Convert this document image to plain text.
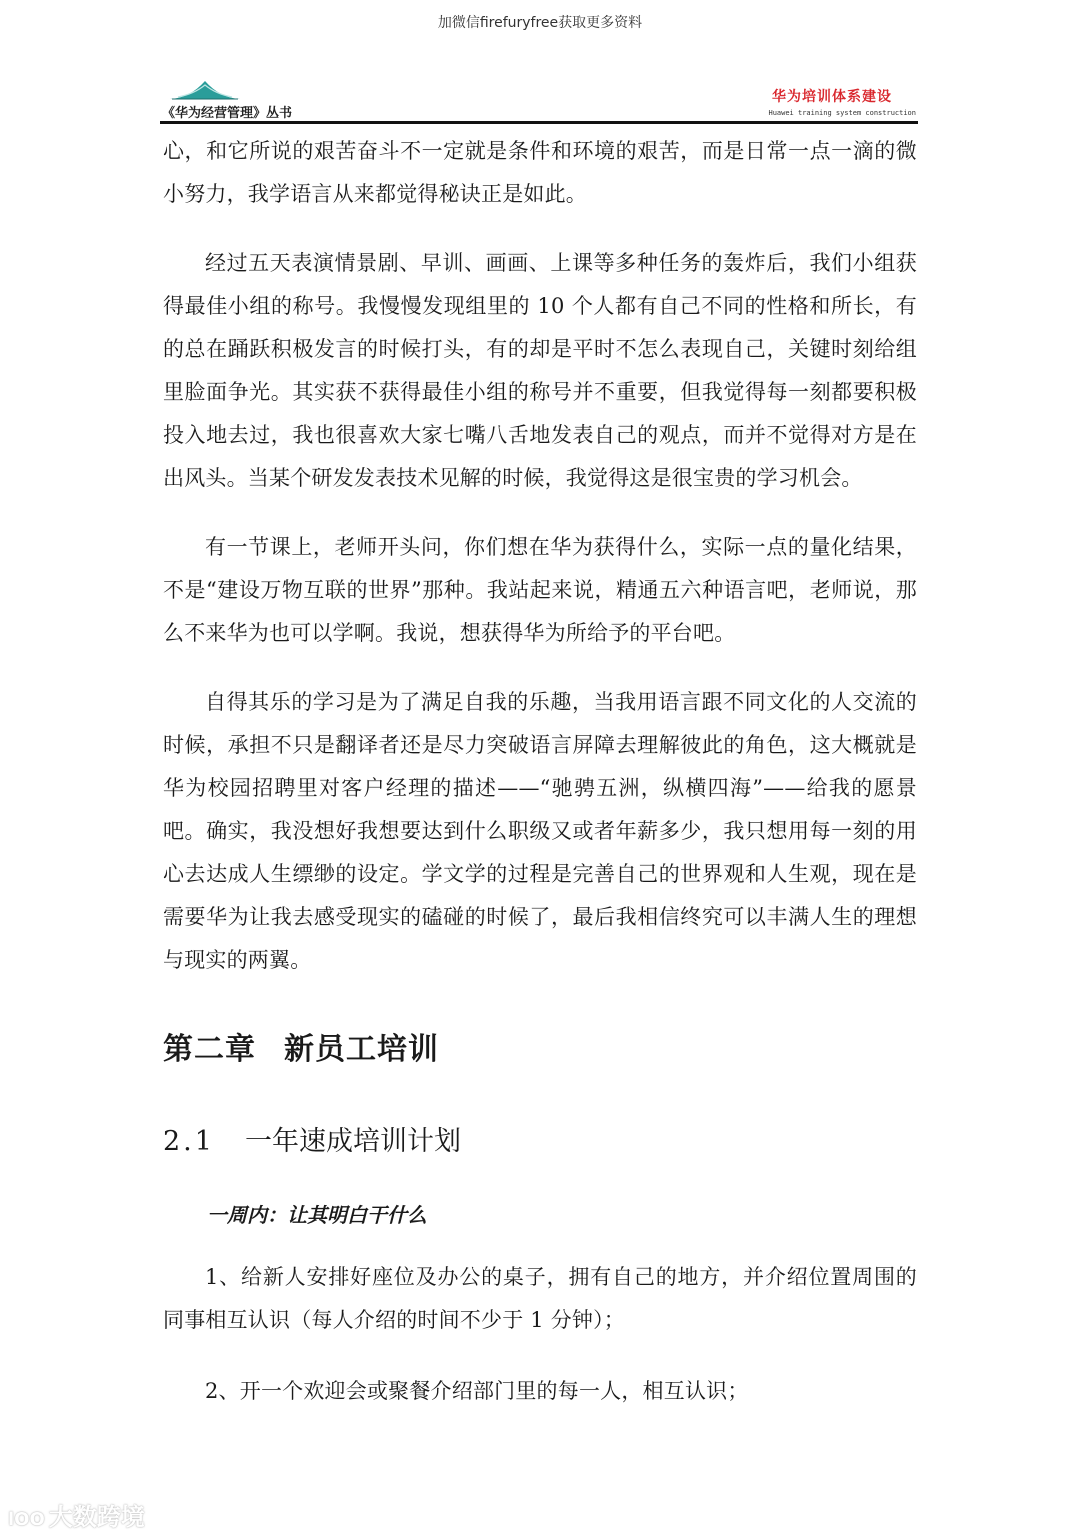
加微信firefuryfree获取更多资料
《华为经营管理》丛书
华为培训体系建设
Huawei training system construction

心，和它所说的艰苦奋斗不一定就是条件和环境的艰苦，而是日常一点一滴的微小努力，我学语言从来都觉得秘诀正是如此。

经过五天表演情景剧、早训、画画、上课等多种任务的轰炸后，我们小组获得最佳小组的称号。我慢慢发现组里的 10 个人都有自己不同的性格和所长，有的总在踊跃积极发言的时候打头，有的却是平时不怎么表现自己，关键时刻给组里脸面争光。其实获不获得最佳小组的称号并不重要，但我觉得每一刻都要积极投入地去过，我也很喜欢大家七嘴八舌地发表自己的观点，而并不觉得对方是在出风头。当某个研发发表技术见解的时候，我觉得这是很宝贵的学习机会。

有一节课上，老师开头问，你们想在华为获得什么，实际一点的量化结果，不是“建设万物互联的世界”那种。我站起来说，精通五六种语言吧，老师说，那么不来华为也可以学啊。我说，想获得华为所给予的平台吧。

自得其乐的学习是为了满足自我的乐趣，当我用语言跟不同文化的人交流的时候，承担不只是翻译者还是尽力突破语言屏障去理解彼此的角色，这大概就是华为校园招聘里对客户经理的描述——“驰骋五洲，纵横四海”——给我的愿景吧。确实，我没想好我想要达到什么职级又或者年薪多少，我只想用每一刻的用心去达成人生缥缈的设定。学文学的过程是完善自己的世界观和人生观，现在是需要华为让我去感受现实的磕碰的时候了，最后我相信终究可以丰满人生的理想与现实的两翼。

第二章 新员工培训
2.1 一年速成培训计划

一周内：让其明白干什么

1、给新人安排好座位及办公的桌子，拥有自己的地方，并介绍位置周围的同事相互认识（每人介绍的时间不少于 1 分钟）；

2、开一个欢迎会或聚餐介绍部门里的每一人，相互认识；

lOO 大数跨境
